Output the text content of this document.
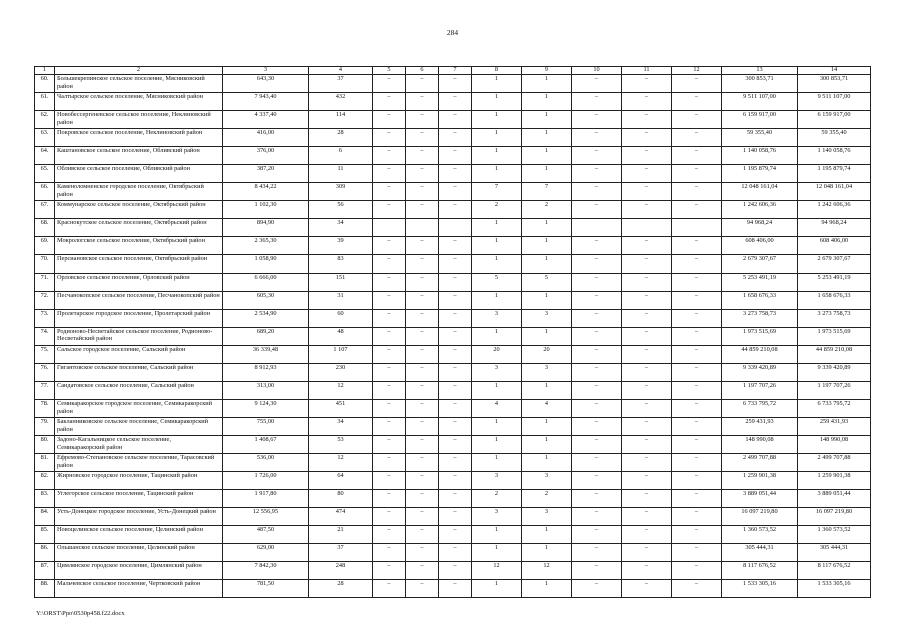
284
1	2	3	4	5	6	7	8	9	10	11	12	13	14
60.	Большекрепинское сельское поселение, Мясниковский район	643,30	37	–	–	–	1	1	–	–	–	300 853,71	300 853,71
61.	Чалтырское сельское поселение, Мясниковский район	7 943,40	432	–	–	–	1	1	–	–	–	9 511 107,00	9 511 107,00
62.	Новобессергеневское сельское поселение, Неклиновский район	4 337,40	114	–	–	–	1	1	–	–	–	6 159 917,00	6 159 917,00
63.	Покровское сельское поселение, Неклиновский район	416,00	28	–	–	–	1	1	–	–	–	59 355,40	59 355,40
64.	Каштановское сельское поселение, Обливский район	376,00	6	–	–	–	1	1	–	–	–	1 140 058,76	1 140 058,76
65.	Обливское сельское поселение, Обливский район	387,20	11	–	–	–	1	1	–	–	–	1 195 879,74	1 195 879,74
66.	Каменоломненское городское поселение, Октябрьский район	8 434,22	309	–	–	–	7	7	–	–	–	12 048 161,04	12 048 161,04
67.	Коммунарское сельское поселение, Октябрьский район	1 102,30	56	–	–	–	2	2	–	–	–	1 242 606,36	1 242 606,36
68.	Краснокутское сельское поселение, Октябрьский район	894,90	34				1	1				94 968,24	94 968,24
69.	Мокрологское сельское поселение, Октябрьский район	2 365,30	39	–	–	–	1	1	–	–	–	608 406,00	608 406,00
70.	Персиановское сельское поселение, Октябрьский район	1 058,90	83	–	–	–	1	1	–	–	–	2 679 307,67	2 679 307,67
71.	Орловское сельское поселение, Орловский район	6 666,00	151	–	–	–	5	5	–	–	–	5 253 491,19	5 253 491,19
72.	Песчанокопское сельское поселение, Песчанокопский район	605,30	31	–	–	–	1	1	–	–	–	1 658 676,33	1 658 676,33
73.	Пролетарское городское поселение, Пролетарский район	2 534,90	60	–	–	–	3	3	–	–	–	3 273 758,73	3 273 758,73
74.	Родионово-Несветайское сельское поселение, Родионово-Несветайский район	689,20	48	–	–	–	1	1	–	–	–	1 973 515,69	1 973 515,69
75.	Сальское городское поселение, Сальский район	36 339,48	1 107	–	–	–	20	20	–	–	–	44 859 210,08	44 859 210,08
76.	Гигантовское сельское поселение, Сальский район	8 912,93	230	–	–	–	3	3	–	–	–	9 339 420,89	9 339 420,89
77.	Сандатовское сельское поселение, Сальский район	313,00	12	–	–	–	1	1	–	–	–	1 197 707,26	1 197 707,26
78.	Семикаракорское городское поселение, Семикаракорский район	9 124,30	451	–	–	–	4	4	–	–	–	6 733 795,72	6 733 795,72
79.	Бакланниковское сельское поселение, Семикаракорский район	755,00	34	–	–	–	1	1	–	–	–	259 431,93	259 431,93
80.	Задоно-Кагальницкое сельское поселение, Семикаракорский район	1 408,67	53	–	–	–	1	1	–	–	–	148 990,08	148 990,08
81.	Ефремово-Степановское сельское поселение, Тарасовский район	536,00	12	–	–	–	1	1	–	–	–	2 499 707,88	2 499 707,88
82.	Жирновское городское поселение, Тацинский район	1 726,00	64	–	–	–	3	3	–	–	–	1 259 901,38	1 259 901,38
83.	Углегорское сельское поселение, Тацинский район	1 917,80	80	–	–	–	2	2	–	–	–	3 889 051,44	3 889 051,44
84.	Усть-Донецкое городское поселение, Усть-Донецкий район	12 556,95	474	–	–	–	3	3	–	–	–	16 097 219,80	16 097 219,80
85.	Новоцелинское сельское поселение, Целинский район	487,50	21	–	–	–	1	1	–	–	–	1 360 573,52	1 360 573,52
86.	Ольшанское сельское поселение, Целинский район	629,00	37	–	–	–	1	1	–	–	–	305 444,31	305 444,31
87.	Цимлянское городское поселение, Цимлянский район	7 842,30	248	–	–	–	12	12	–	–	–	8 117 676,52	8 117 676,52
88.	Мальчевское сельское поселение, Чертковский район	781,50	28	–	–	–	1	1	–	–	–	1 533 305,16	1 533 305,16
Y:\ORST\Ppo\0530p458.f22.docx
